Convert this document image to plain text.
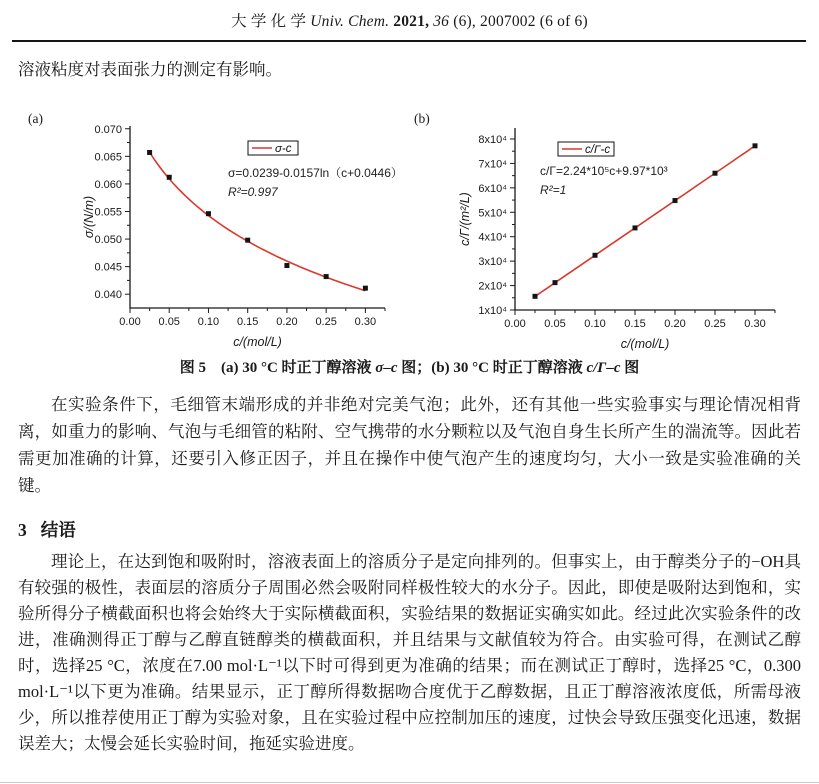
大 学 化 学 Univ. Chem. 2021, 36 (6), 2007002 (6 of 6)
溶液粘度对表面张力的测定有影响。
(a)	(b)
0.00 0.05 0.10 0.15 0.20 0.25 0.30
0.040
0.045
0.050
0.055
0.060
0.065
0.070
c/(mol/L)
σ/(N/m)
σ-c
σ=0.0239-0.0157ln（c+0.0446）
R²=0.997
0.00 0.05 0.10 0.15 0.20 0.25 0.30
1x10⁴
2x10⁴
3x10⁴
4x10⁴
5x10⁴
6x10⁴
7x10⁴
8x10⁴
c/(mol/L)
c/Γ/(m²/L)
c/Γ-c
c/Γ=2.24*10⁵c+9.97*10³
R²=1
图 5　(a) 30 °C 时正丁醇溶液 σ–c 图；(b) 30 °C 时正丁醇溶液 c/Γ–c 图
在实验条件下，毛细管末端形成的并非绝对完美气泡；此外，还有其他一些实验事实与理论情况相背离，如重力的影响、气泡与毛细管的粘附、空气携带的水分颗粒以及气泡自身生长所产生的湍流等。因此若需更加准确的计算，还要引入修正因子，并且在操作中使气泡产生的速度均匀，大小一致是实验准确的关键。
3 结语
理论上，在达到饱和吸附时，溶液表面上的溶质分子是定向排列的。但事实上，由于醇类分子的−OH具有较强的极性，表面层的溶质分子周围必然会吸附同样极性较大的水分子。因此，即使是吸附达到饱和，实验所得分子横截面积也将会始终大于实际横截面积，实验结果的数据证实确实如此。经过此次实验条件的改进，准确测得正丁醇与乙醇直链醇类的横截面积，并且结果与文献值较为符合。由实验可得，在测试乙醇时，选择25 °C，浓度在7.00 mol·L⁻¹以下时可得到更为准确的结果；而在测试正丁醇时，选择25 °C，0.300 mol·L⁻¹以下更为准确。结果显示，正丁醇所得数据吻合度优于乙醇数据，且正丁醇溶液浓度低，所需母液少，所以推荐使用正丁醇为实验对象，且在实验过程中应控制加压的速度，过快会导致压强变化迅速，数据误差大；太慢会延长实验时间，拖延实验进度。
